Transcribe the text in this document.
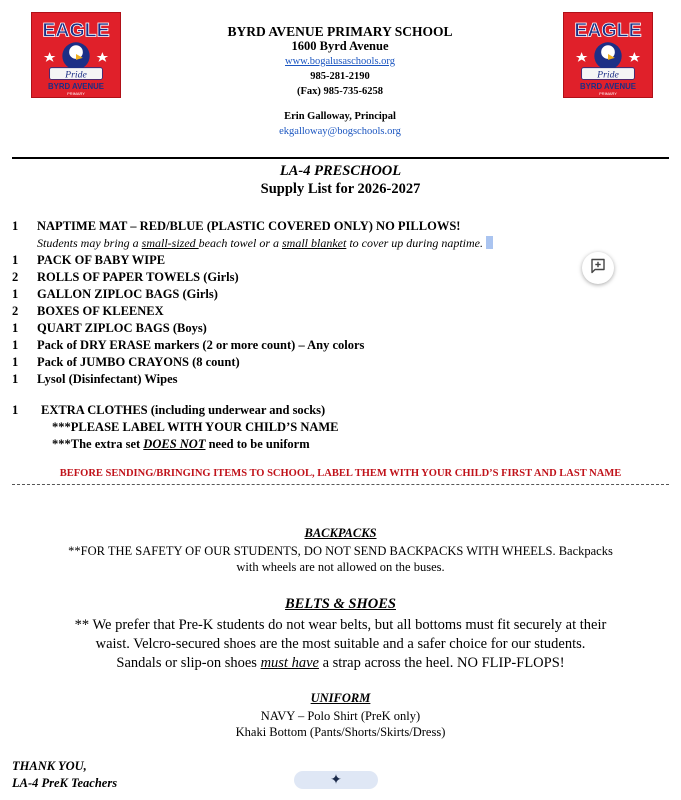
EAGLE
Pride
BYRD AVENUE
PRIMARY
EAGLE
Pride
BYRD AVENUE
PRIMARY
BYRD AVENUE PRIMARY SCHOOL
1600 Byrd Avenue
www.bogalusaschools.org
985-281-2190
(Fax) 985-735-6258
Erin Galloway, Principal
ekgalloway@bogschools.org
LA-4 PRESCHOOL
Supply List for 2026-2027
1	NAPTIME MAT – RED/BLUE (PLASTIC COVERED ONLY) NO PILLOWS!
Students may bring a small-sized beach towel or a small blanket to cover up during naptime.
1	PACK OF BABY WIPE
2	ROLLS OF PAPER TOWELS (Girls)
1	GALLON ZIPLOC BAGS (Girls)
2	BOXES OF KLEENEX
1	QUART ZIPLOC BAGS (Boys)
1	Pack of DRY ERASE markers (2 or more count) – Any colors
1	Pack of JUMBO CRAYONS (8 count)
1	Lysol (Disinfectant) Wipes
1	EXTRA CLOTHES (including underwear and socks)
***PLEASE LABEL WITH YOUR CHILD’S NAME
***The extra set DOES NOT need to be uniform
BEFORE SENDING/BRINGING ITEMS TO SCHOOL, LABEL THEM WITH YOUR CHILD’S FIRST AND LAST NAME
BACKPACKS
**FOR THE SAFETY OF OUR STUDENTS, DO NOT SEND BACKPACKS WITH WHEELS. Backpacks
with wheels are not allowed on the buses.
BELTS & SHOES
** We prefer that Pre-K students do not wear belts, but all bottoms must fit securely at their
waist. Velcro-secured shoes are the most suitable and a safer choice for our students.
Sandals or slip-on shoes must have a strap across the heel. NO FLIP-FLOPS!
UNIFORM
NAVY – Polo Shirt (PreK only)
Khaki Bottom (Pants/Shorts/Skirts/Dress)
THANK YOU,
LA-4 PreK Teachers	✦
